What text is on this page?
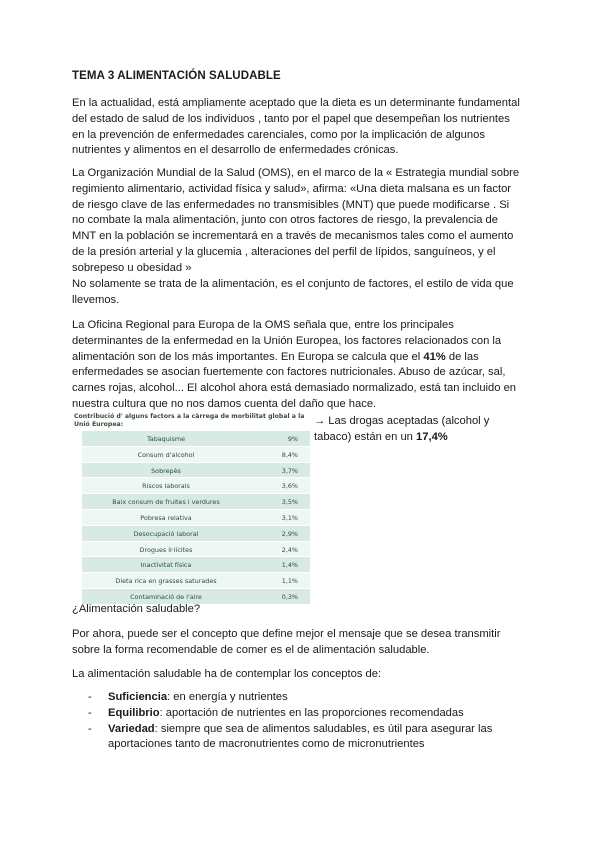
TEMA 3 ALIMENTACIÓN SALUDABLE

En la actualidad, está ampliamente aceptado que la dieta es un determinante fundamental del estado de salud de los individuos , tanto por el papel que desempeñan los nutrientes en la prevención de enfermedades carenciales, como por la implicación de algunos nutrientes y alimentos en el desarrollo de enfermedades crónicas.

La Organización Mundial de la Salud (OMS), en el marco de la « Estrategia mundial sobre regimiento alimentario, actividad física y salud», afirma: «Una dieta malsana es un factor de riesgo clave de las enfermedades no transmisibles (MNT) que puede modificarse . Si no combate la mala alimentación, junto con otros factores de riesgo, la prevalencia de MNT en la población se incrementará en a través de mecanismos tales como el aumento de la presión arterial y la glucemia , alteraciones del perfil de lípidos, sanguíneos, y el sobrepeso u obesidad »

No solamente se trata de la alimentación, es el conjunto de factores, el estilo de vida que llevemos.

La Oficina Regional para Europa de la OMS señala que, entre los principales determinantes de la enfermedad en la Unión Europea, los factores relacionados con la alimentación son de los más importantes. En Europa se calcula que el 41% de las enfermedades se asocian fuertemente con factores nutricionales. Abuso de azúcar, sal, carnes rojas, alcohol... El alcohol ahora está demasiado normalizado, está tan incluido en nuestra cultura que no nos damos cuenta del daño que hace.

Contribució d' alguns factors a la càrrega de morbilitat global a la Unió Europea:
Tabaquisme	9%
Consum d'alcohol	8,4%
Sobrepès	3,7%
Riscos laborals	3,6%
Baix consum de fruites i verdures	3,5%
Pobresa relativa	3,1%
Desocupació laboral	2,9%
Drogues il·lícites	2,4%
Inactivitat física	1,4%
Dieta rica en grasses saturades	1,1%
Contaminació de l'aire	0,3%
→ Las drogas aceptadas (alcohol y tabaco) están en un 17,4%

¿Alimentación saludable?

Por ahora, puede ser el concepto que define mejor el mensaje que se desea transmitir sobre la forma recomendable de comer es el de alimentación saludable.

La alimentación saludable ha de contemplar los conceptos de:

- Suficiencia: en energía y nutrientes
- Equilibrio: aportación de nutrientes en las proporciones recomendadas
- Variedad: siempre que sea de alimentos saludables, es útil para asegurar las aportaciones tanto de macronutrientes como de micronutrientes
